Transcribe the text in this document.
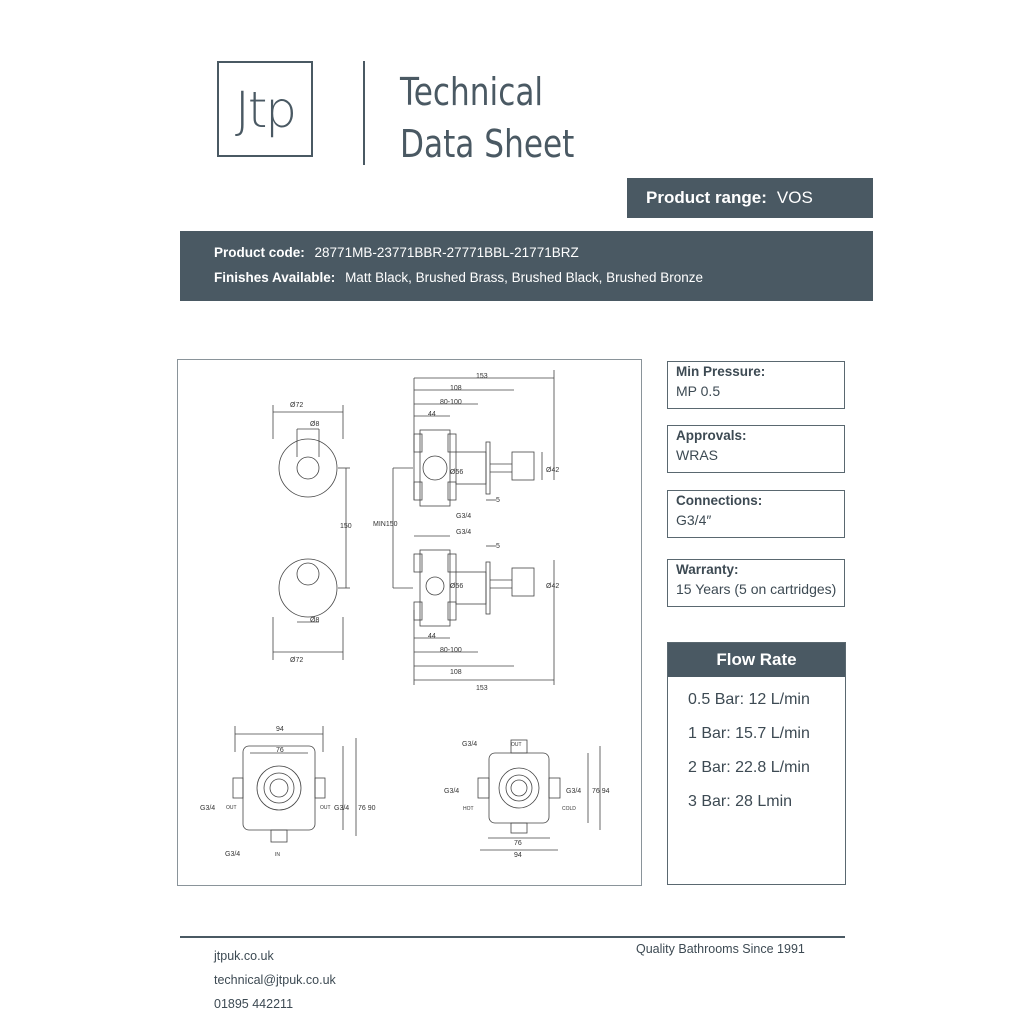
Jtp	Technical
Data Sheet
Product range: VOS
Product code: 28771MB-23771BBR-27771BBL-21771BRZ
Finishes Available: Matt Black, Brushed Brass, Brushed Black, Brushed Bronze
Ø72
Ø8
150
Ø8
Ø72
153
108
80-100
44
Ø56	Ø42
5
G3/4
MIN150
G3/4
5
Ø56	Ø42
44
80-100
108
153
94
76
G3/4 OUT	OUT G3/4 76 90
G3/4	IN
G3/4	OUT
G3/4
HOT
G3/4
COLD
76 94
76
94
Min Pressure:
MP 0.5
Approvals:
WRAS
Connections:
G3/4″
Warranty:
15 Years (5 on cartridges)
Flow Rate
0.5 Bar: 12 L/min
1 Bar: 15.7 L/min
2 Bar: 22.8 L/min
3 Bar: 28 Lmin
jtpuk.co.uk
technical@jtpuk.co.uk
01895 442211
Quality Bathrooms Since 1991
